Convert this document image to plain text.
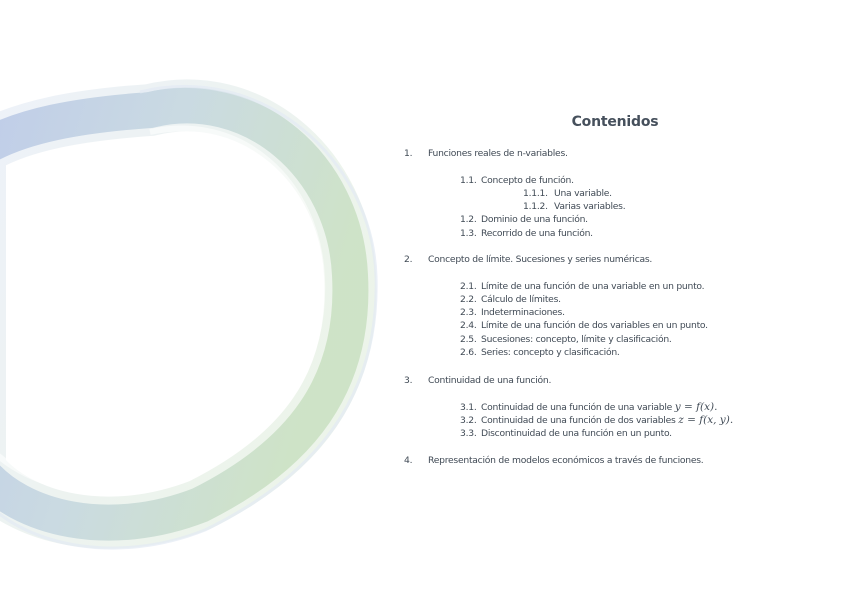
Contenidos
1. Funciones reales de n-variables.
1.1. Concepto de función.
1.1.1. Una variable.
1.1.2. Varias variables.
1.2. Dominio de una función.
1.3. Recorrido de una función.
2. Concepto de límite. Sucesiones y series numéricas.
2.1. Límite de una función de una variable en un punto.
2.2. Cálculo de límites.
2.3. Indeterminaciones.
2.4. Límite de una función de dos variables en un punto.
2.5. Sucesiones: concepto, límite y clasificación.
2.6. Series: concepto y clasificación.
3. Continuidad de una función.
3.1. Continuidad de una función de una variable y = f(x).
3.2. Continuidad de una función de dos variables z = f(x, y).
3.3. Discontinuidad de una función en un punto.
4. Representación de modelos económicos a través de funciones.
